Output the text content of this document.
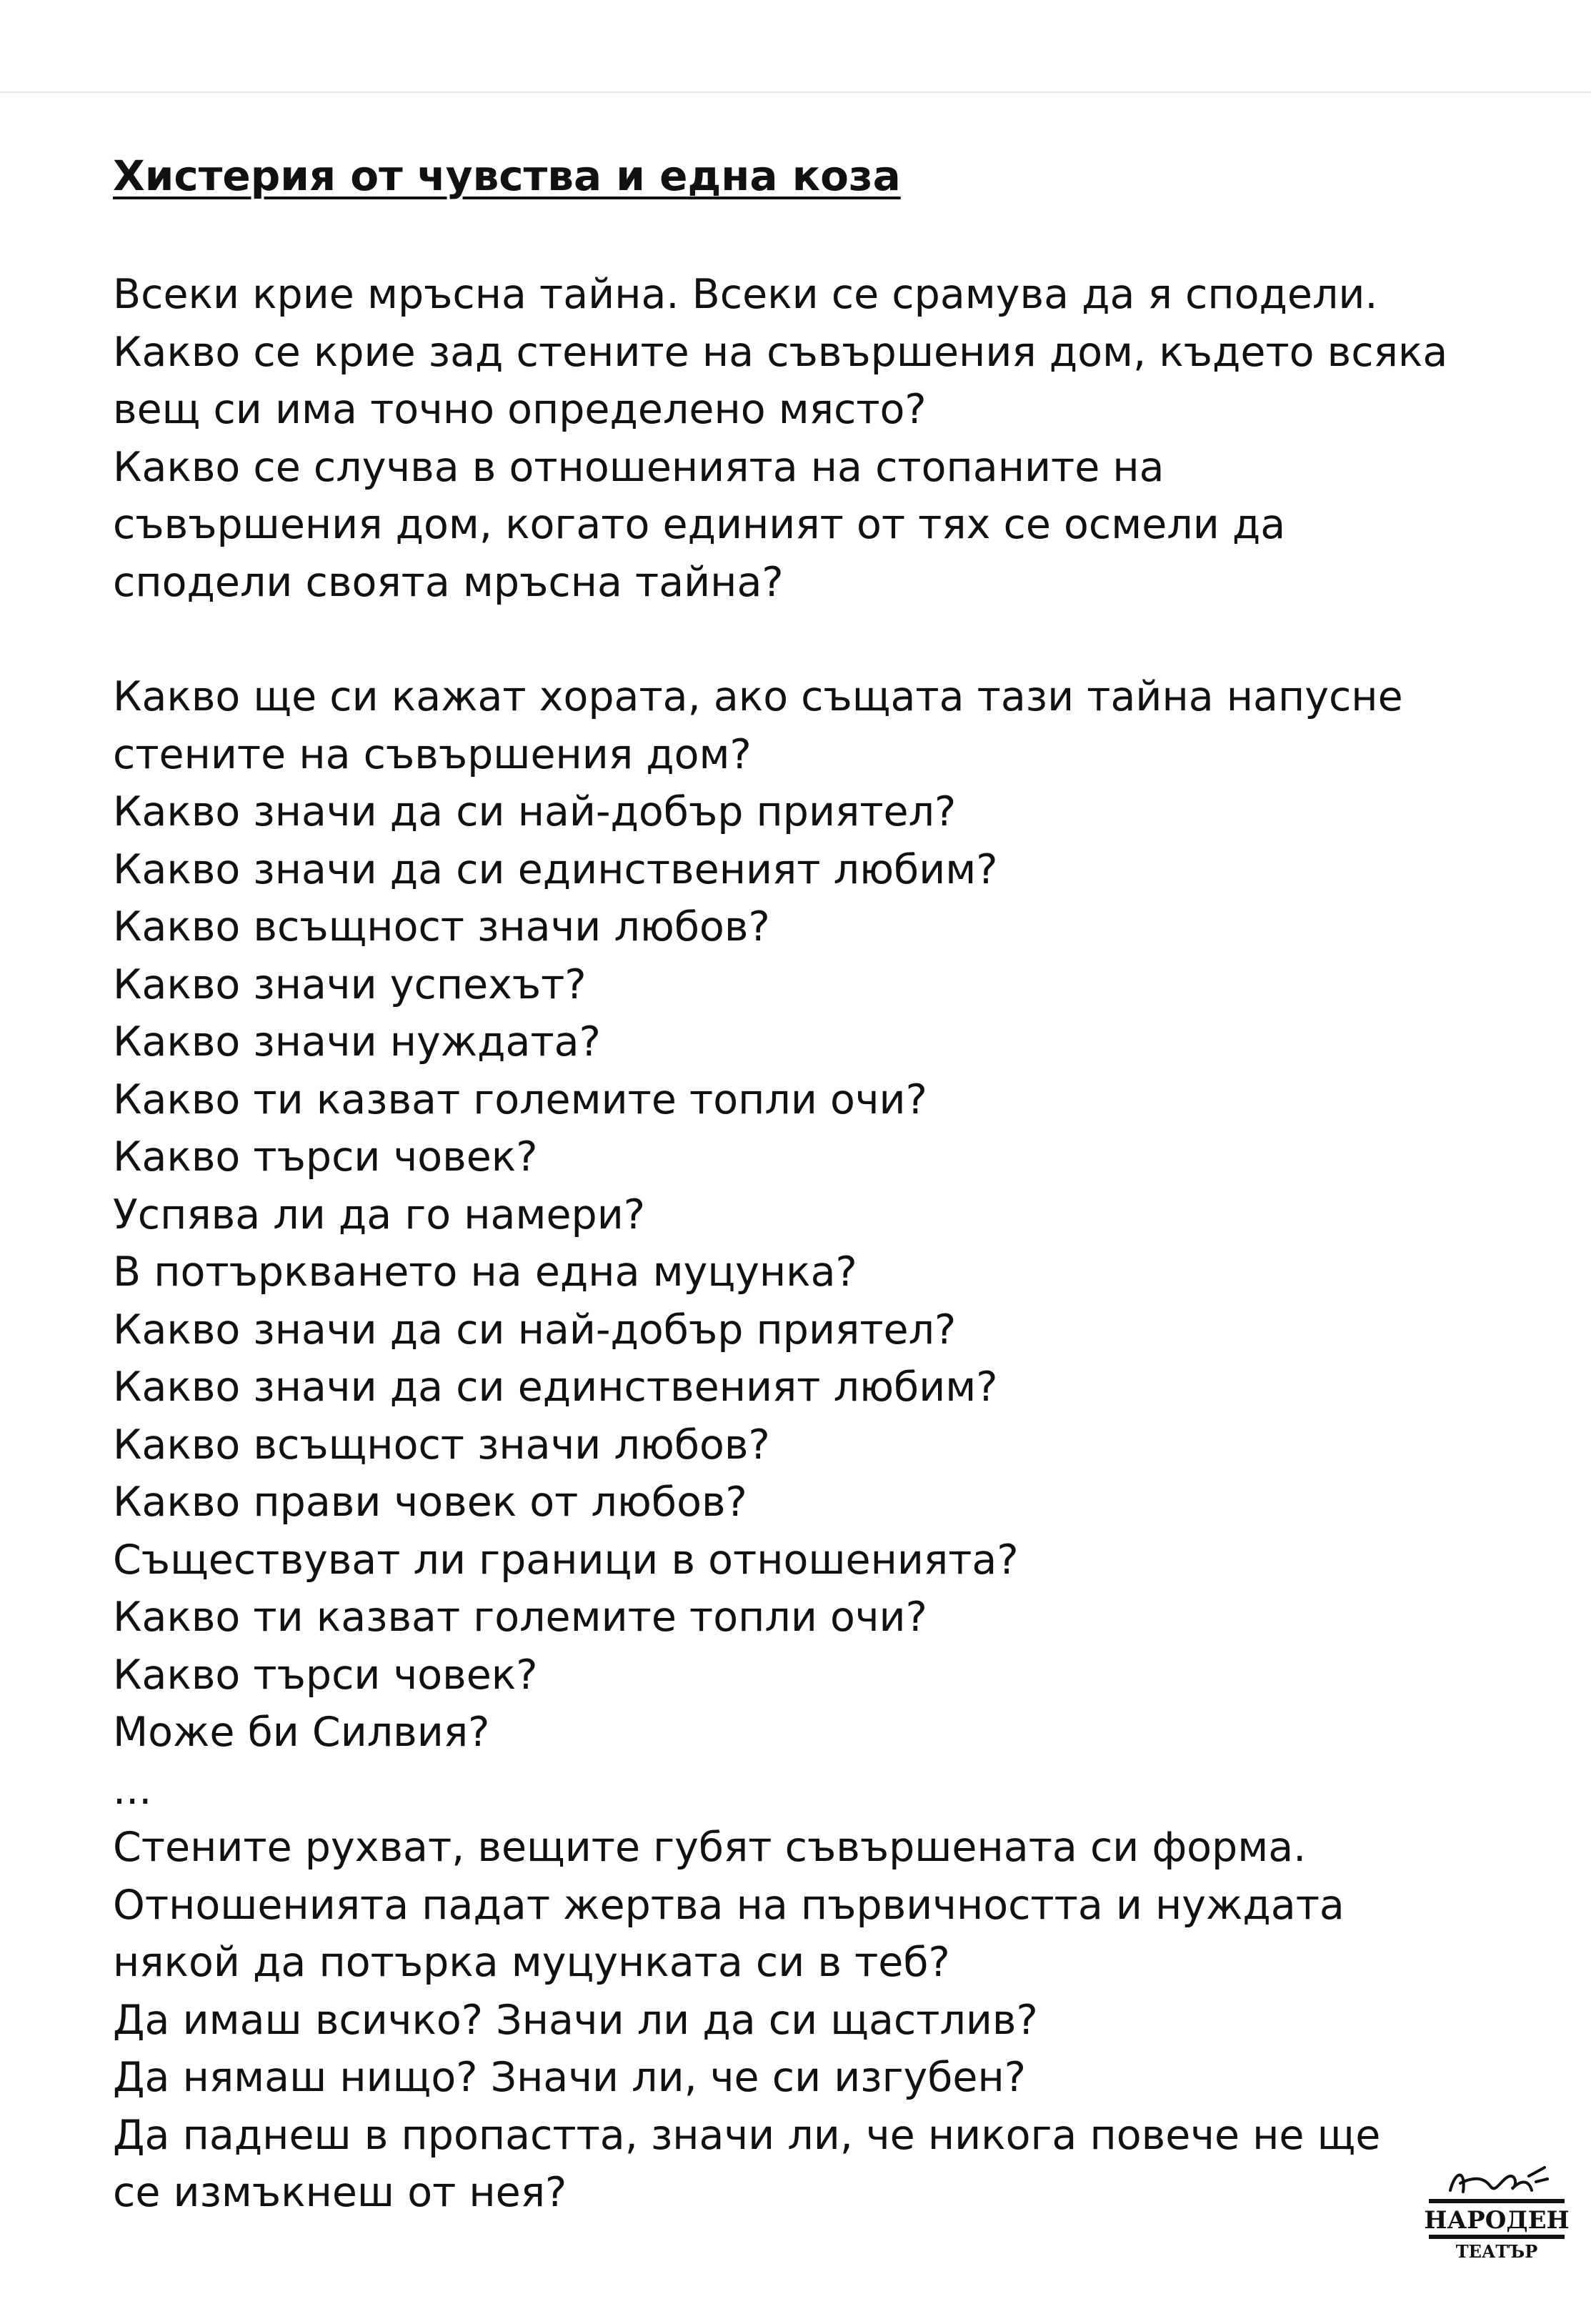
Хистерия от чувства и една коза
Всеки крие мръсна тайна. Всеки се срамува да я сподели.
Какво се крие зад стените на съвършения дом, където всяка
вещ си има точно определено място?
Какво се случва в отношенията на стопаните на
съвършения дом, когато единият от тях се осмели да
сподели своята мръсна тайна?
Какво ще си кажат хората, ако същата тази тайна напусне
стените на съвършения дом?
Какво значи да си най-добър приятел?
Какво значи да си единственият любим?
Какво всъщност значи любов?
Какво значи успехът?
Какво значи нуждата?
Какво ти казват големите топли очи?
Какво търси човек?
Успява ли да го намери?
В потъркването на една муцунка?
Какво значи да си най-добър приятел?
Какво значи да си единственият любим?
Какво всъщност значи любов?
Какво прави човек от любов?
Съществуват ли граници в отношенията?
Какво ти казват големите топли очи?
Какво търси човек?
Може би Силвия?
...
Стените рухват, вещите губят съвършената си форма.
Отношенията падат жертва на първичността и нуждата
някой да потърка муцунката си в теб?
Да имаш всичко? Значи ли да си щастлив?
Да нямаш нищо? Значи ли, че си изгубен?
Да паднеш в пропастта, значи ли, че никога повече не ще
се измъкнеш от нея?
НАРОДЕН
ТЕАТЪР
